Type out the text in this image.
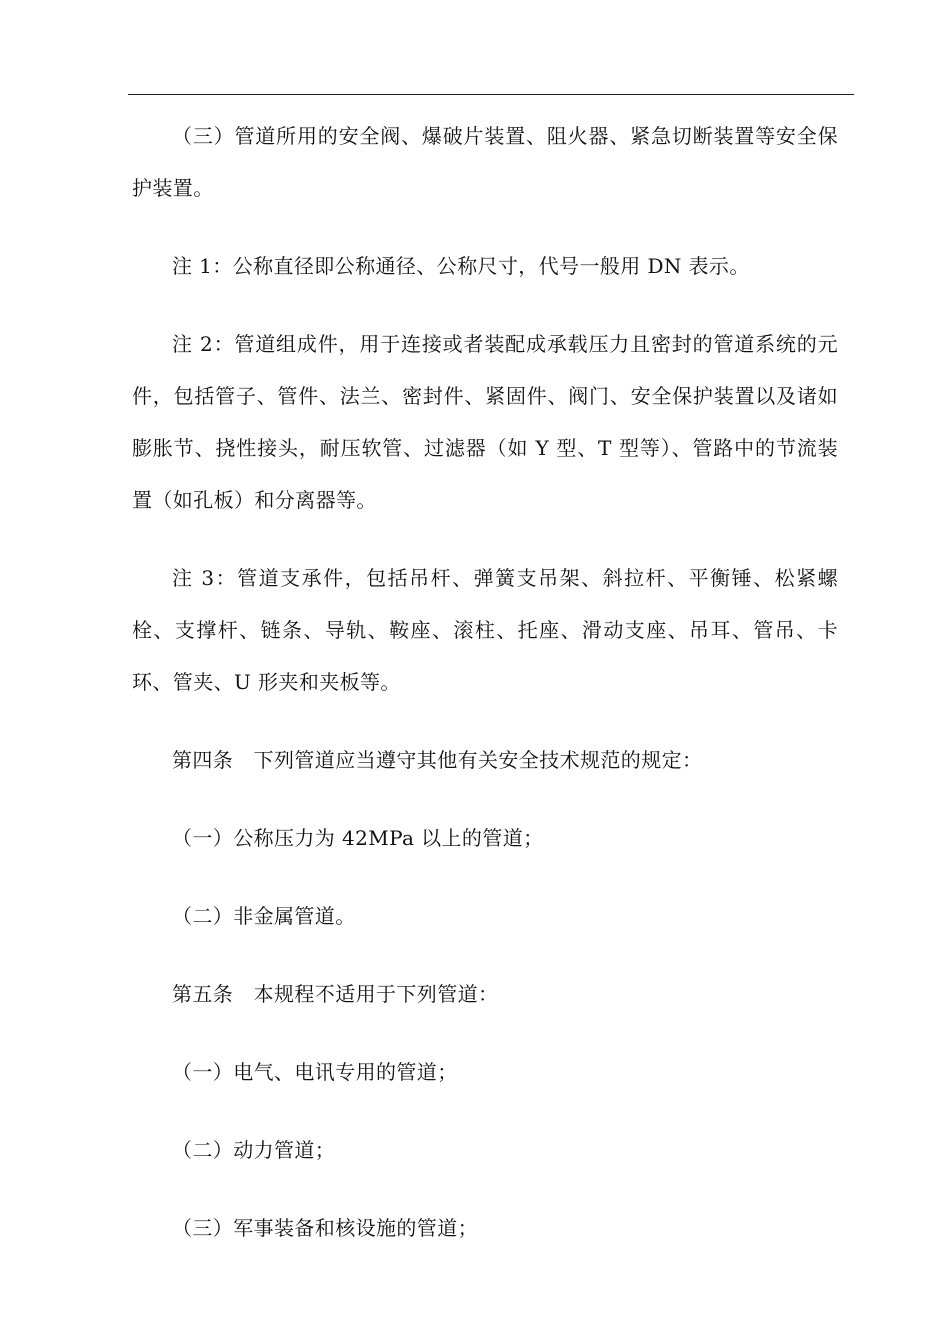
（三）管道所用的安全阀、爆破片装置、阻火器、紧急切断装置等安全保护装置。

注 1：公称直径即公称通径、公称尺寸，代号一般用 DN 表示。

注 2：管道组成件，用于连接或者装配成承载压力且密封的管道系统的元件，包括管子、管件、法兰、密封件、紧固件、阀门、安全保护装置以及诸如膨胀节、挠性接头，耐压软管、过滤器（如 Y 型、T 型等）、管路中的节流装置（如孔板）和分离器等。

注 3：管道支承件，包括吊杆、弹簧支吊架、斜拉杆、平衡锤、松紧螺栓、支撑杆、链条、导轨、鞍座、滚柱、托座、滑动支座、吊耳、管吊、卡环、管夹、U 形夹和夹板等。

第四条　下列管道应当遵守其他有关安全技术规范的规定：

（一）公称压力为 42MPa 以上的管道；

（二）非金属管道。

第五条　本规程不适用于下列管道：

（一）电气、电讯专用的管道；

（二）动力管道；

（三）军事装备和核设施的管道；
